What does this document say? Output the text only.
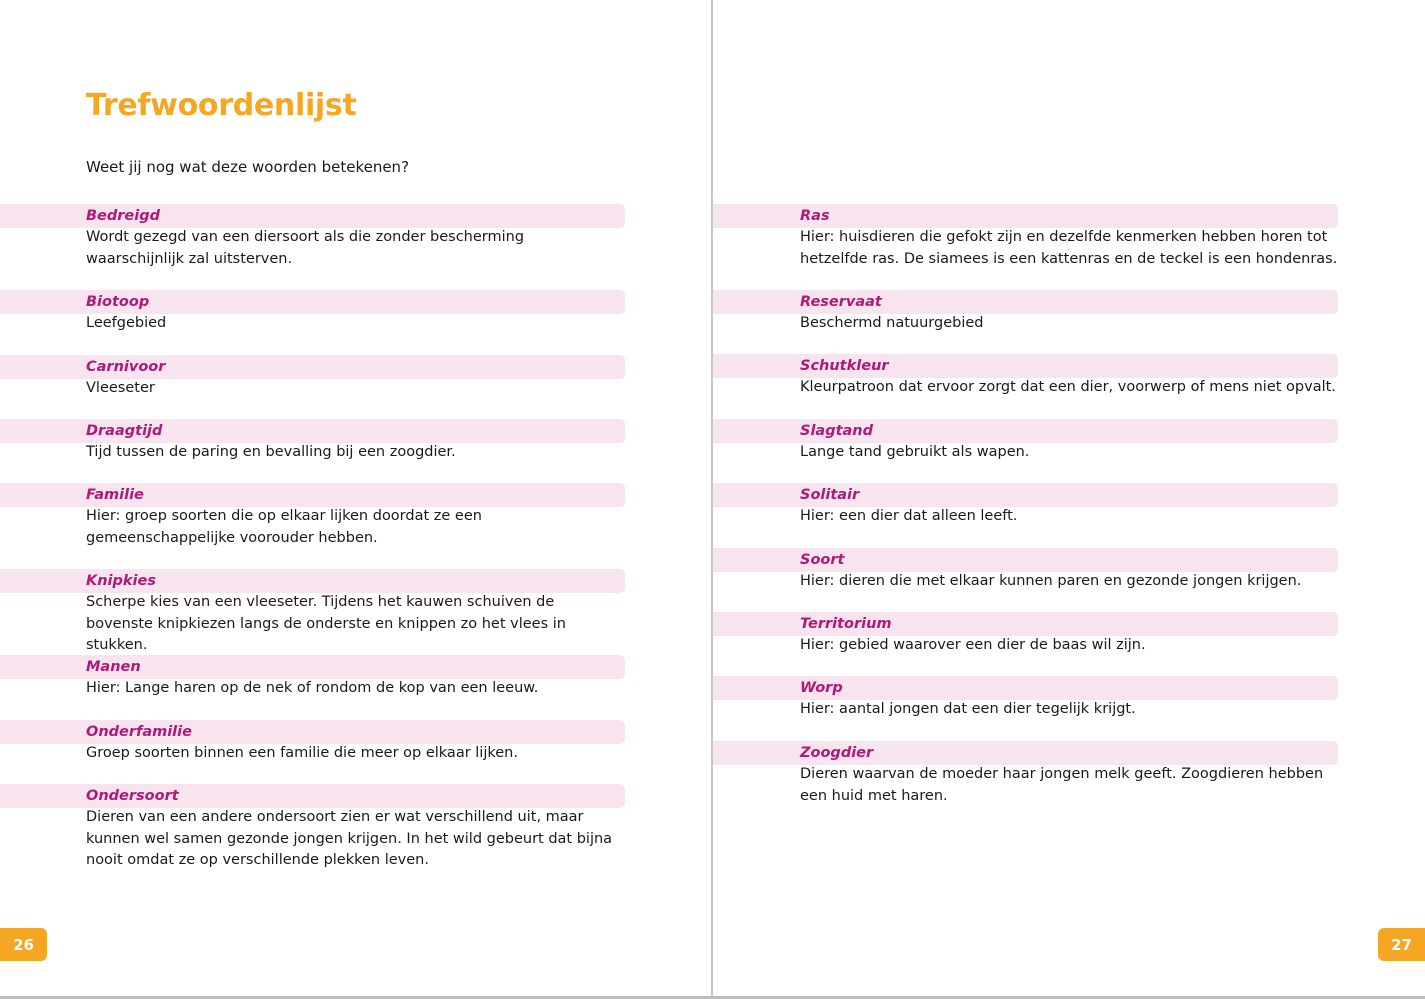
Trefwoordenlijst

Weet jij nog wat deze woorden betekenen?

Bedreigd

Wordt gezegd van een diersoort als die zonder bescherming waarschijnlijk zal uitsterven.

Biotoop

Leefgebied

Carnivoor

Vleeseter

Draagtijd

Tijd tussen de paring en bevalling bij een zoogdier.

Familie

Hier: groep soorten die op elkaar lijken doordat ze een gemeenschappelijke voorouder hebben.

Knipkies

Scherpe kies van een vleeseter. Tijdens het kauwen schuiven de bovenste knipkiezen langs de onderste en knippen zo het vlees in stukken.

Manen

Hier: Lange haren op de nek of rondom de kop van een leeuw.

Onderfamilie

Groep soorten binnen een familie die meer op elkaar lijken.

Ondersoort

Dieren van een andere ondersoort zien er wat verschillend uit, maar kunnen wel samen gezonde jongen krijgen. In het wild gebeurt dat bijna nooit omdat ze op verschillende plekken leven.

26
Ras

Hier: huisdieren die gefokt zijn en dezelfde kenmerken hebben horen tot hetzelfde ras. De siamees is een kattenras en de teckel is een hondenras.

Reservaat

Beschermd natuurgebied

Schutkleur

Kleurpatroon dat ervoor zorgt dat een dier, voorwerp of mens niet opvalt.

Slagtand

Lange tand gebruikt als wapen.

Solitair

Hier: een dier dat alleen leeft.

Soort

Hier: dieren die met elkaar kunnen paren en gezonde jongen krijgen.

Territorium

Hier: gebied waarover een dier de baas wil zijn.

Worp

Hier: aantal jongen dat een dier tegelijk krijgt.

Zoogdier

Dieren waarvan de moeder haar jongen melk geeft. Zoogdieren hebben een huid met haren.

27
